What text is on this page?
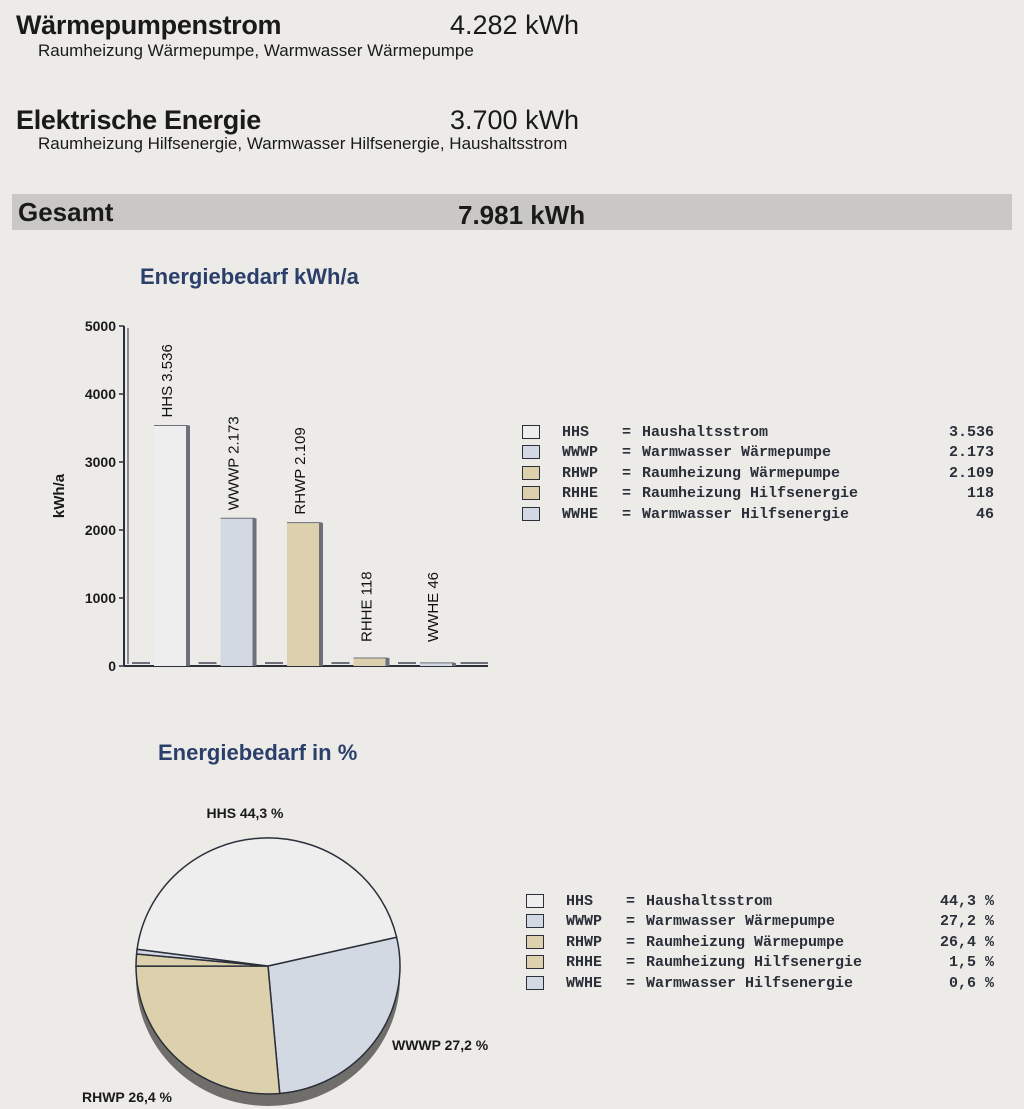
Wärmepumpenstrom	4.282 kWh
Raumheizung Wärmepumpe, Warmwasser Wärmepumpe
Elektrische Energie	3.700 kWh
Raumheizung Hilfsenergie, Warmwasser Hilfsenergie, Haushaltsstrom
Gesamt	7.981 kWh
Energiebedarf kWh/a
0
1000
2000
3000
4000
5000
kWh/a
HHS 3.536
WWWP 2.173	RHWP 2.109
RHHE 118	WWHE 46
HHS = Haushaltsstrom	3.536
WWWP = Warmwasser Wärmepumpe	2.173
RHWP = Raumheizung Wärmepumpe	2.109
RHHE = Raumheizung Hilfsenergie	118
WWHE = Warmwasser Hilfsenergie	46
Energiebedarf in %
HHS 44,3 %
WWWP 27,2 %
RHWP 26,4 %
HHS = Haushaltsstrom	44,3 %
WWWP = Warmwasser Wärmepumpe	27,2 %
RHWP = Raumheizung Wärmepumpe	26,4 %
RHHE = Raumheizung Hilfsenergie	1,5 %
WWHE = Warmwasser Hilfsenergie	0,6 %
